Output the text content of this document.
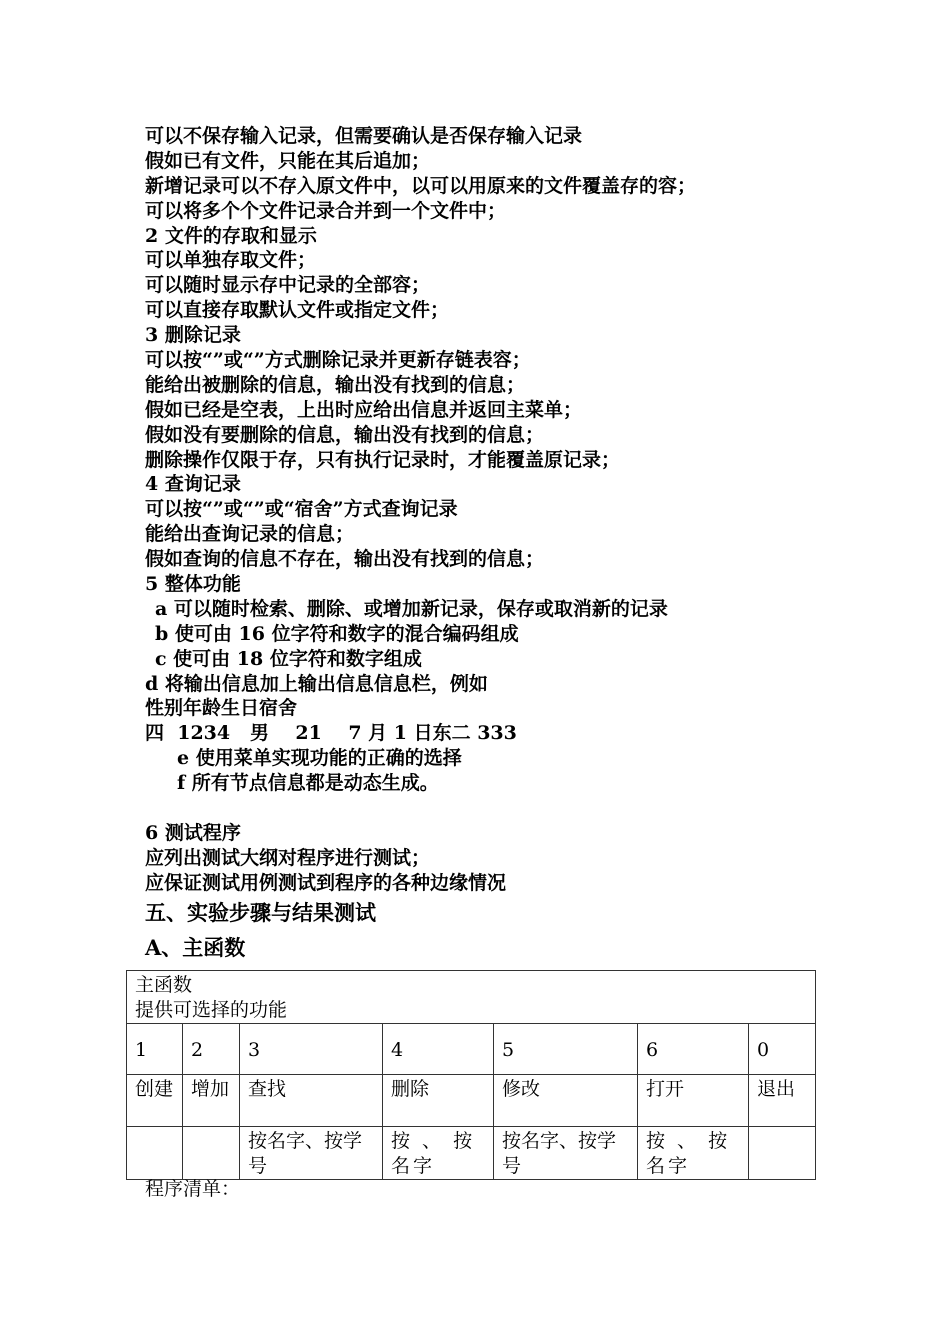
可以不保存输入记录，但需要确认是否保存输入记录
假如已有文件，只能在其后追加；
新增记录可以不存入原文件中，以可以用原来的文件覆盖存的容；
可以将多个个文件记录合并到一个文件中；
2 文件的存取和显示
可以单独存取文件；
可以随时显示存中记录的全部容；
可以直接存取默认文件或指定文件；
3 删除记录
可以按“”或“”方式删除记录并更新存链表容；
能给出被删除的信息，输出没有找到的信息；
假如已经是空表，上出时应给出信息并返回主菜单；
假如没有要删除的信息，输出没有找到的信息；
删除操作仅限于存，只有执行记录时，才能覆盖原记录；
4 查询记录
可以按“”或“”或“宿舍”方式查询记录
能给出查询记录的信息；
假如查询的信息不存在，输出没有找到的信息；
5 整体功能
a 可以随时检索、删除、或增加新记录，保存或取消新的记录
b 使可由 16 位字符和数字的混合编码组成
c 使可由 18 位字符和数字组成
d 将输出信息加上输出信息信息栏，例如
性别年龄生日宿舍
四  1234   男    21    7 月 1 日东二 333
e 使用菜单实现功能的正确的选择
f 所有节点信息都是动态生成。
6 测试程序
应列出测试大纲对程序进行测试；
应保证测试用例测试到程序的各种边缘情况
五、实验步骤与结果测试
A、主函数
主函数
提供可选择的功能						

1	2	3	4	5	6	0
创建	增加	查找	删除	修改	打开	退出
		按名字、按学号	按 、 按名字	按名字、按学号	按 、 按名字	
程序清单：
